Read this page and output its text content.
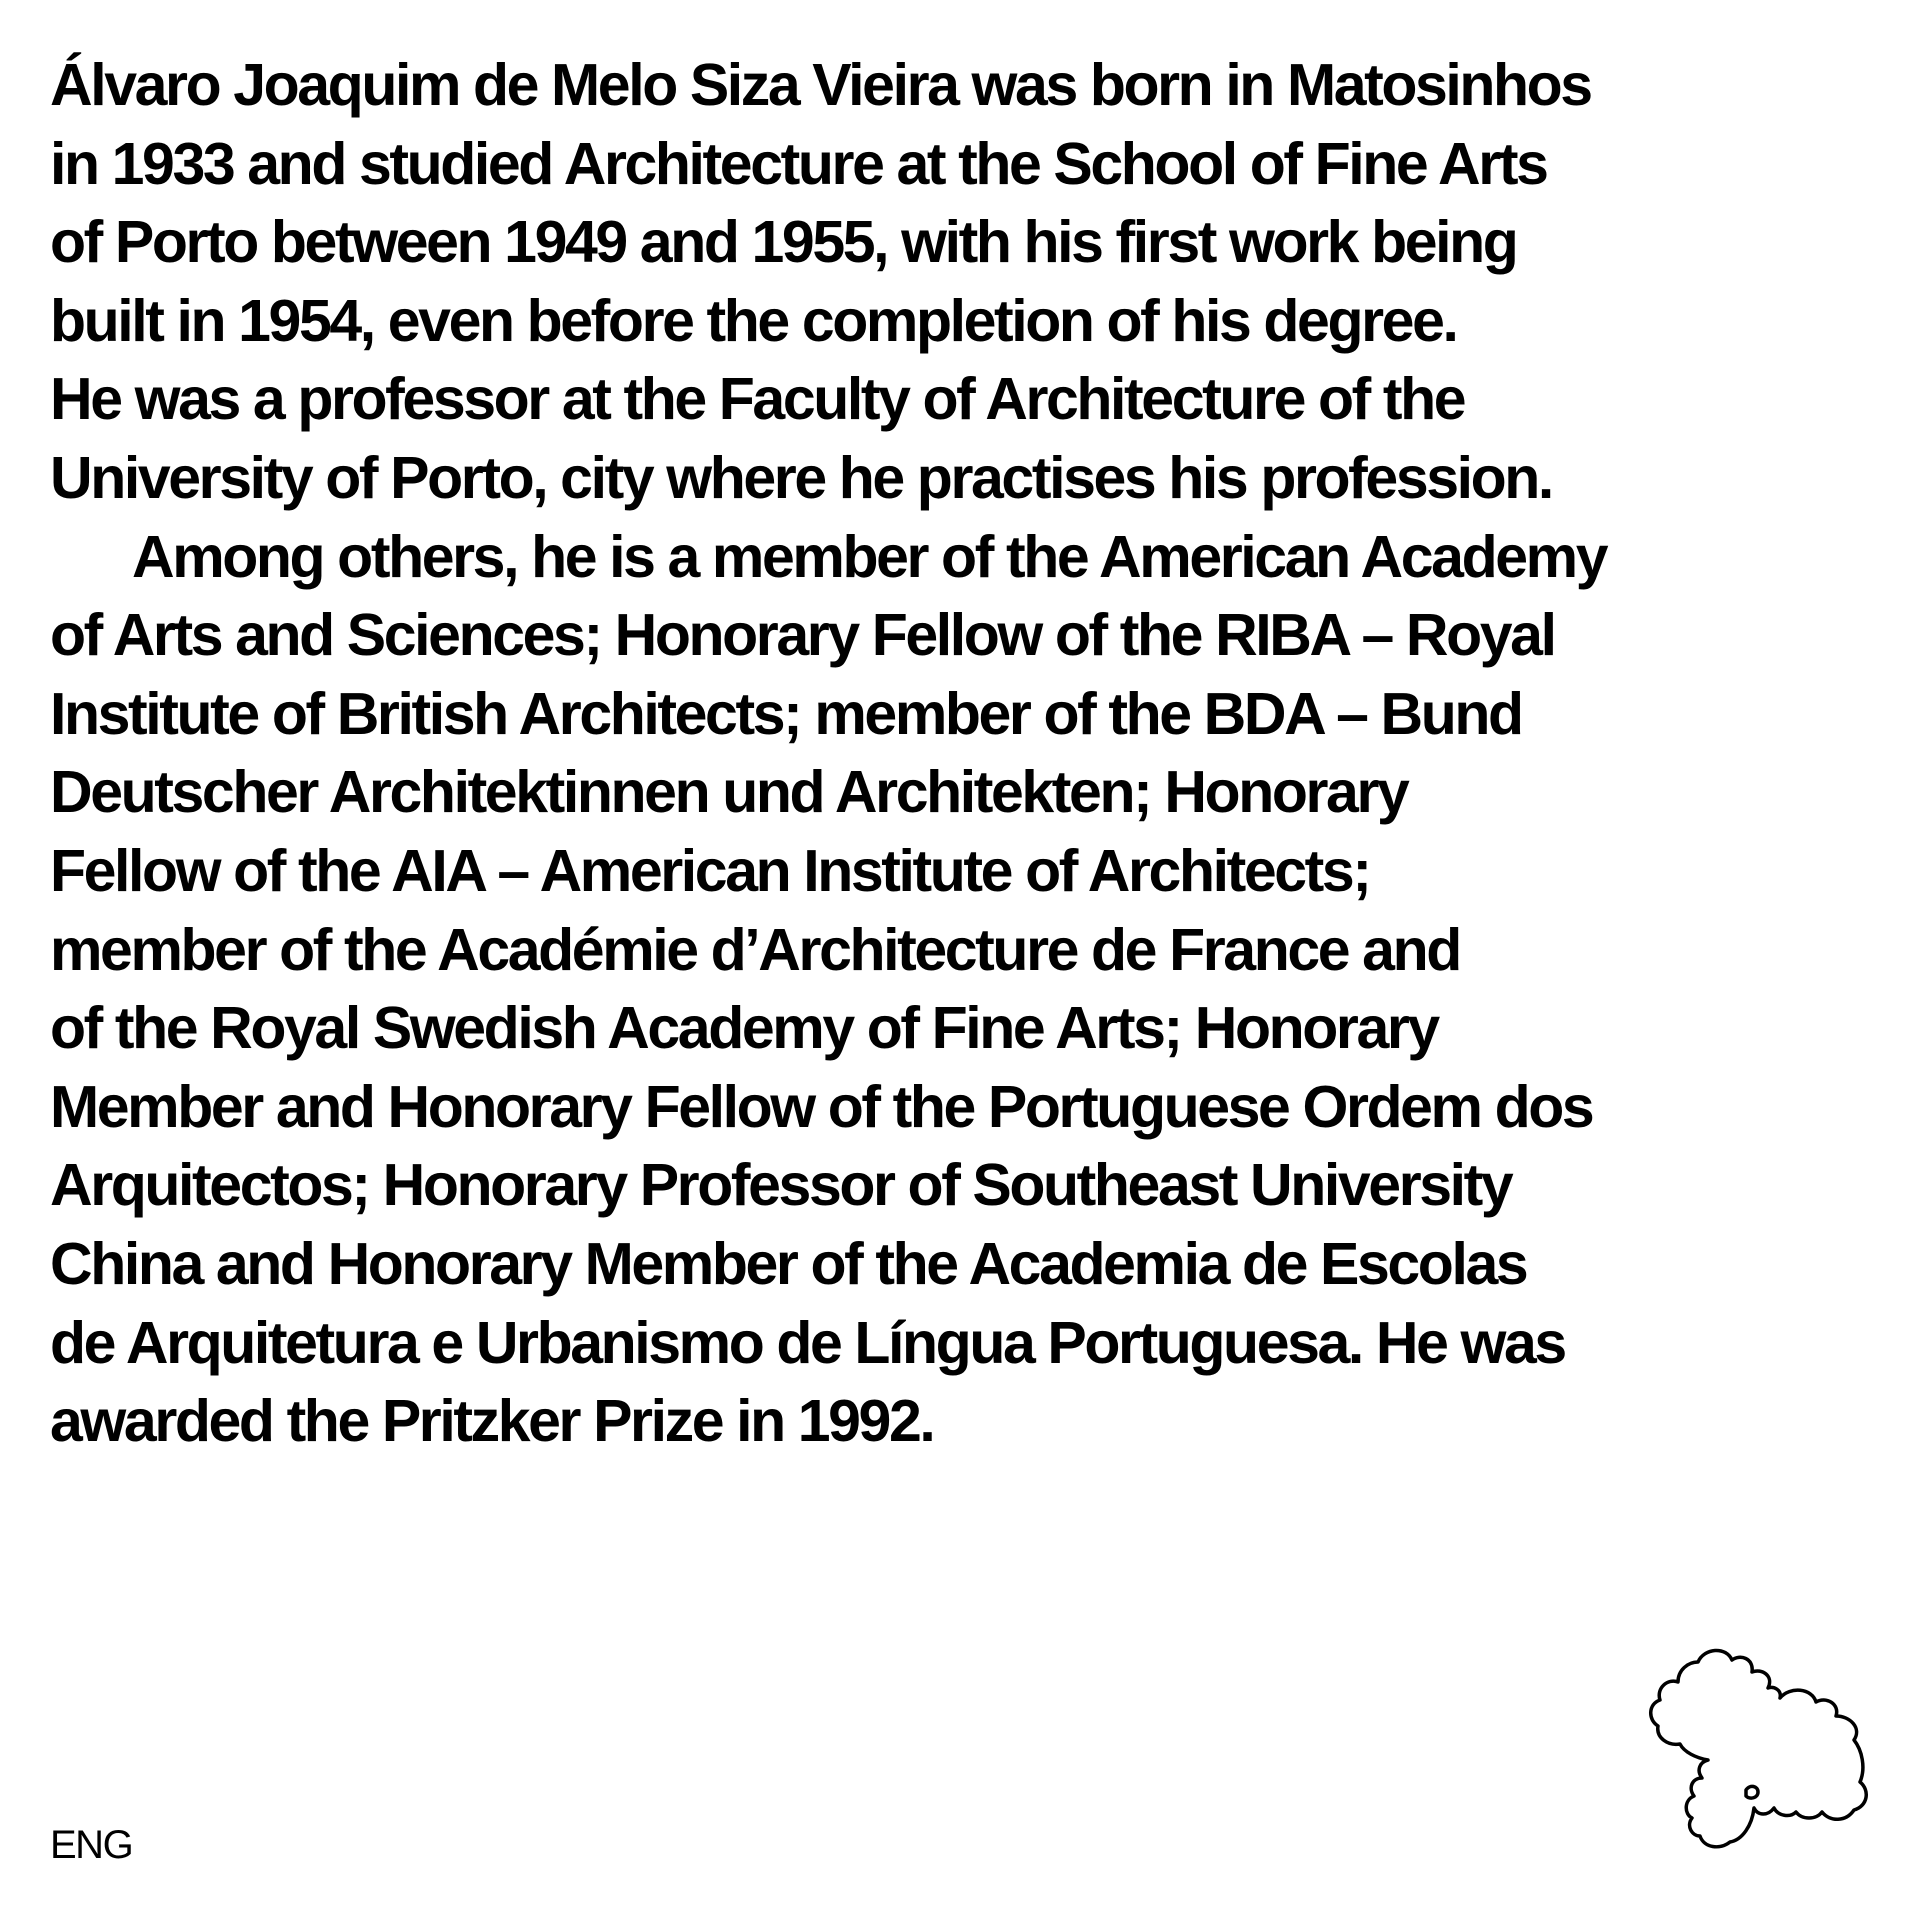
Álvaro Joaquim de Melo Siza Vieira was born in Matosinhos
in 1933 and studied Architecture at the School of Fine Arts
of Porto between 1949 and 1955, with his first work being
built in 1954, even before the completion of his degree.
He was a professor at the Faculty of Architecture of the
University of Porto, city where he practises his profession.
Among others, he is a member of the American Academy
of Arts and Sciences; Honorary Fellow of the RIBA – Royal
Institute of British Architects; member of the BDA – Bund
Deutscher Architektinnen und Architekten; Honorary
Fellow of the AIA – American Institute of Architects;
member of the Académie d’Architecture de France and
of the Royal Swedish Academy of Fine Arts; Honorary
Member and Honorary Fellow of the Portuguese Ordem dos
Arquitectos; Honorary Professor of Southeast University
China and Honorary Member of the Academia de Escolas
de Arquitetura e Urbanismo de Língua Portuguesa. He was
awarded the Pritzker Prize in 1992.
ENG
